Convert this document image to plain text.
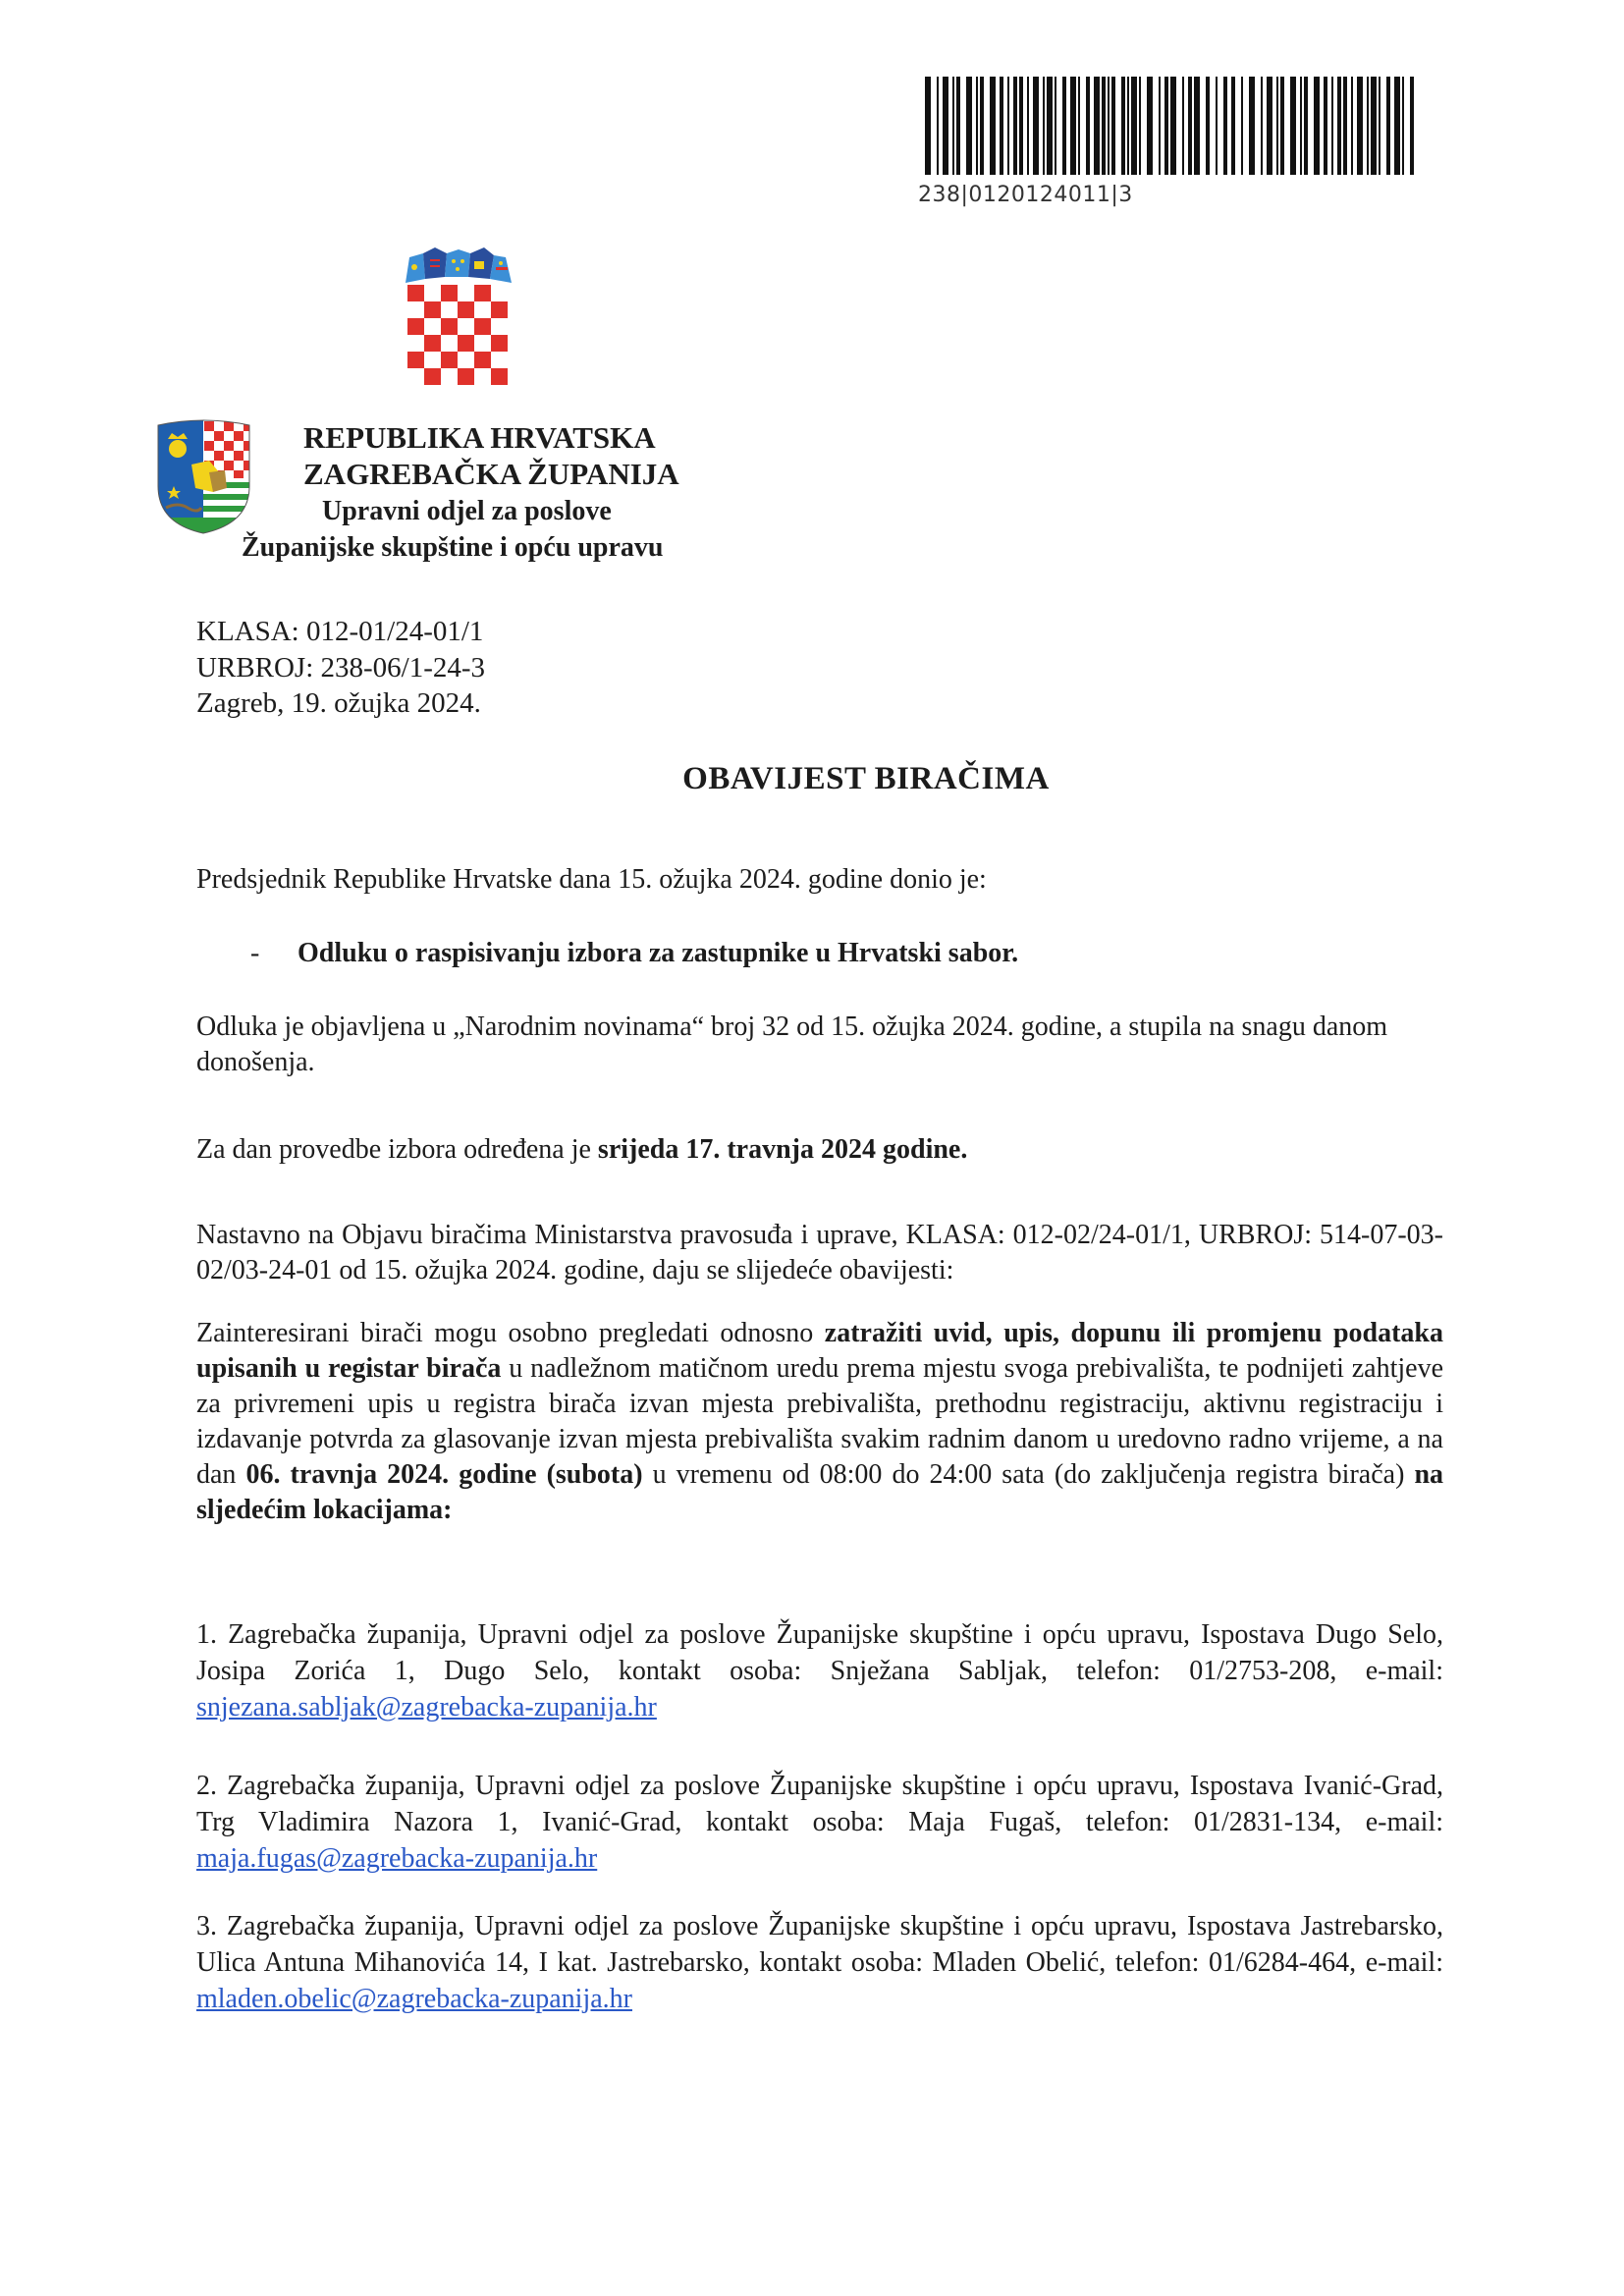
238|0120124011|3
REPUBLIKA HRVATSKA
ZAGREBAČKA ŽUPANIJA
Upravni odjel za poslove
Županijske skupštine i opću upravu
KLASA: 012-01/24-01/1
URBROJ: 238-06/1-24-3
Zagreb, 19. ožujka 2024.
OBAVIJEST BIRAČIMA
Predsjednik Republike Hrvatske dana 15. ožujka 2024. godine donio je:
- Odluku o raspisivanju izbora za zastupnike u Hrvatski sabor.
Odluka je objavljena u „Narodnim novinama“ broj 32 od 15. ožujka 2024. godine, a stupila na snagu danom donošenja.
Za dan provedbe izbora određena je srijeda 17. travnja 2024 godine.
Nastavno na Objavu biračima Ministarstva pravosuđa i uprave, KLASA: 012-02/24-01/1, URBROJ: 514-07-03-02/03-24-01 od 15. ožujka 2024. godine, daju se slijedeće obavijesti:
Zainteresirani birači mogu osobno pregledati odnosno zatražiti uvid, upis, dopunu ili promjenu podataka upisanih u registar birača u nadležnom matičnom uredu prema mjestu svoga prebivališta, te podnijeti zahtjeve za privremeni upis u registra birača izvan mjesta prebivališta, prethodnu registraciju, aktivnu registraciju i izdavanje potvrda za glasovanje izvan mjesta prebivališta svakim radnim danom u uredovno radno vrijeme, a na dan 06. travnja 2024. godine (subota) u vremenu od 08:00 do 24:00 sata (do zaključenja registra birača) na sljedećim lokacijama:
1. Zagrebačka županija, Upravni odjel za poslove Županijske skupštine i opću upravu, Ispostava Dugo Selo, Josipa Zorića 1, Dugo Selo, kontakt osoba: Snježana Sabljak, telefon: 01/2753-208, e-mail: snjezana.sabljak@zagrebacka-zupanija.hr
2. Zagrebačka županija, Upravni odjel za poslove Županijske skupštine i opću upravu, Ispostava Ivanić-Grad, Trg Vladimira Nazora 1, Ivanić-Grad, kontakt osoba: Maja Fugaš, telefon: 01/2831-134, e-mail: maja.fugas@zagrebacka-zupanija.hr
3. Zagrebačka županija, Upravni odjel za poslove Županijske skupštine i opću upravu, Ispostava Jastrebarsko, Ulica Antuna Mihanovića 14, I kat. Jastrebarsko, kontakt osoba: Mladen Obelić, telefon: 01/6284-464, e-mail: mladen.obelic@zagrebacka-zupanija.hr
